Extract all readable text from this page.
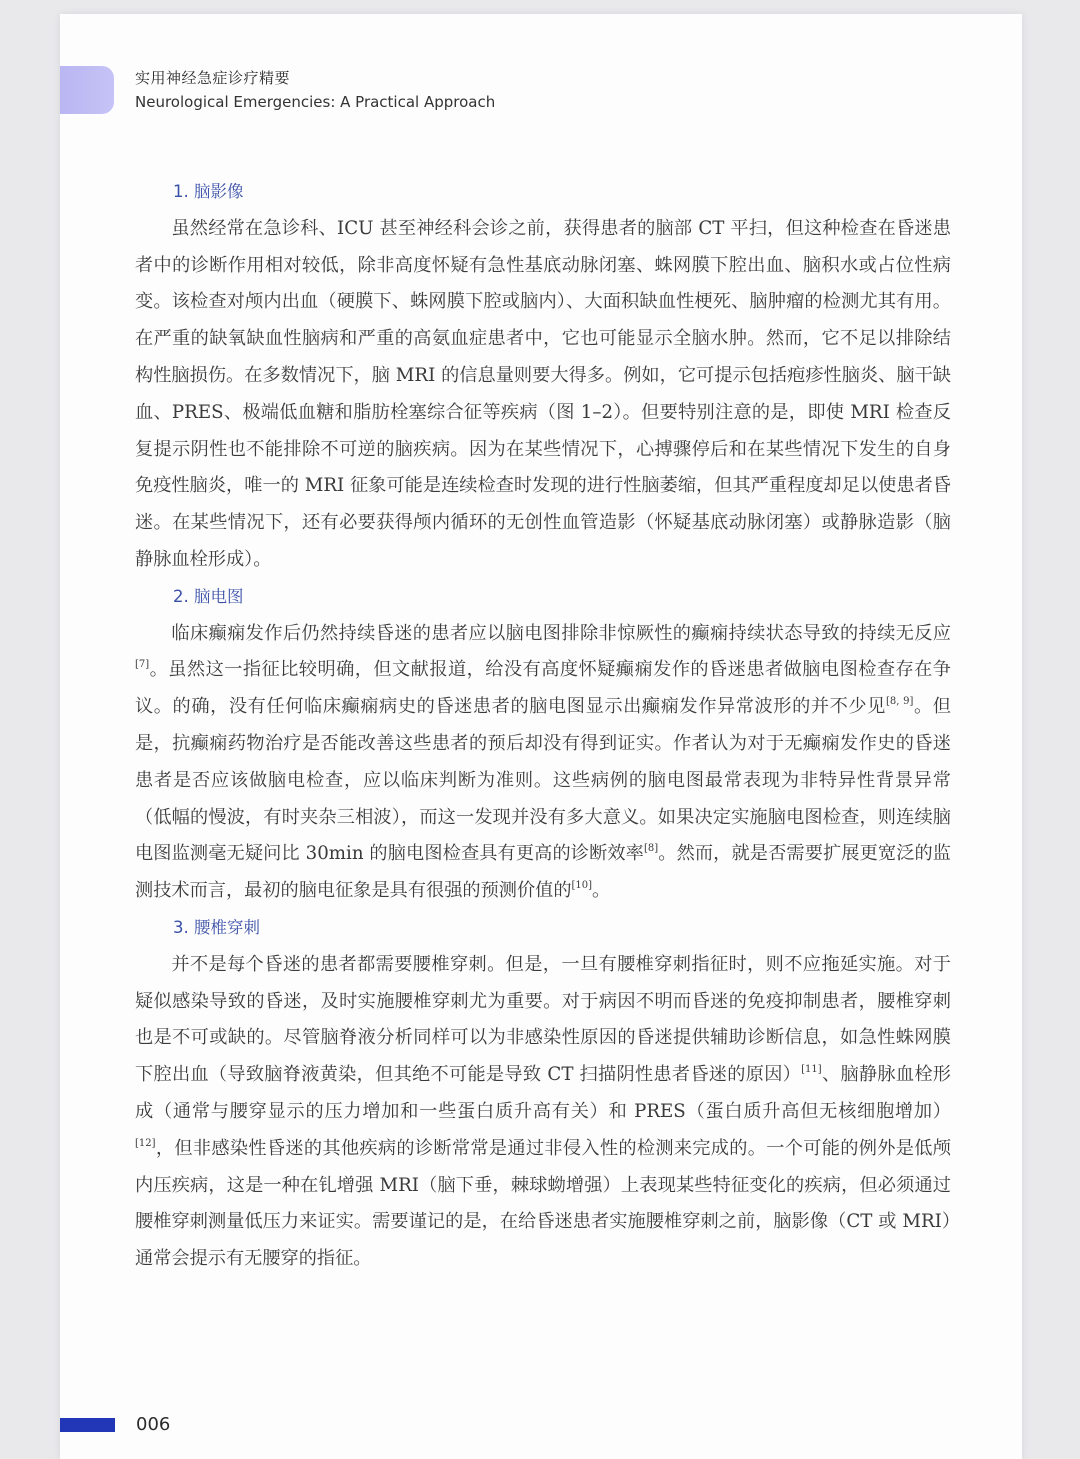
实用神经急症诊疗精要
Neurological Emergencies: A Practical Approach
1. 脑影像

虽然经常在急诊科、ICU 甚至神经科会诊之前，获得患者的脑部 CT 平扫，但这种检查在昏迷患者中的诊断作用相对较低，除非高度怀疑有急性基底动脉闭塞、蛛网膜下腔出血、脑积水或占位性病变。该检查对颅内出血（硬膜下、蛛网膜下腔或脑内）、大面积缺血性梗死、脑肿瘤的检测尤其有用。在严重的缺氧缺血性脑病和严重的高氨血症患者中，它也可能显示全脑水肿。然而，它不足以排除结构性脑损伤。在多数情况下，脑 MRI 的信息量则要大得多。例如，它可提示包括疱疹性脑炎、脑干缺血、PRES、极端低血糖和脂肪栓塞综合征等疾病（图 1–2）。但要特别注意的是，即使 MRI 检查反复提示阴性也不能排除不可逆的脑疾病。因为在某些情况下，心搏骤停后和在某些情况下发生的自身免疫性脑炎，唯一的 MRI 征象可能是连续检查时发现的进行性脑萎缩，但其严重程度却足以使患者昏迷。在某些情况下，还有必要获得颅内循环的无创性血管造影（怀疑基底动脉闭塞）或静脉造影（脑静脉血栓形成）。

2. 脑电图

临床癫痫发作后仍然持续昏迷的患者应以脑电图排除非惊厥性的癫痫持续状态导致的持续无反应[7]。虽然这一指征比较明确，但文献报道，给没有高度怀疑癫痫发作的昏迷患者做脑电图检查存在争议。的确，没有任何临床癫痫病史的昏迷患者的脑电图显示出癫痫发作异常波形的并不少见[8, 9]。但是，抗癫痫药物治疗是否能改善这些患者的预后却没有得到证实。作者认为对于无癫痫发作史的昏迷患者是否应该做脑电检查，应以临床判断为准则。这些病例的脑电图最常表现为非特异性背景异常（低幅的慢波，有时夹杂三相波），而这一发现并没有多大意义。如果决定实施脑电图检查，则连续脑电图监测毫无疑问比 30min 的脑电图检查具有更高的诊断效率[8]。然而，就是否需要扩展更宽泛的监测技术而言，最初的脑电征象是具有很强的预测价值的[10]。

3. 腰椎穿刺

并不是每个昏迷的患者都需要腰椎穿刺。但是，一旦有腰椎穿刺指征时，则不应拖延实施。对于疑似感染导致的昏迷，及时实施腰椎穿刺尤为重要。对于病因不明而昏迷的免疫抑制患者，腰椎穿刺也是不可或缺的。尽管脑脊液分析同样可以为非感染性原因的昏迷提供辅助诊断信息，如急性蛛网膜下腔出血（导致脑脊液黄染，但其绝不可能是导致 CT 扫描阴性患者昏迷的原因）[11]、脑静脉血栓形成（通常与腰穿显示的压力增加和一些蛋白质升高有关）和 PRES（蛋白质升高但无核细胞增加）[12]，但非感染性昏迷的其他疾病的诊断常常是通过非侵入性的检测来完成的。一个可能的例外是低颅内压疾病，这是一种在钆增强 MRI（脑下垂，棘球蚴增强）上表现某些特征变化的疾病，但必须通过腰椎穿刺测量低压力来证实。需要谨记的是，在给昏迷患者实施腰椎穿刺之前，脑影像（CT 或 MRI）通常会提示有无腰穿的指征。

006
